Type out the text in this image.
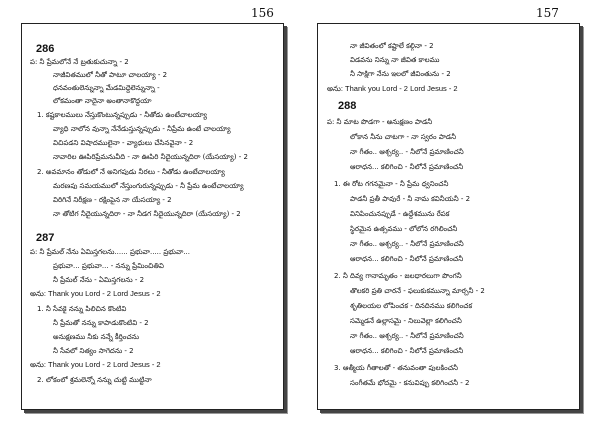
156
286
ప: నీ ప్రేమలోనే నే బ్రతుకుచున్నా - 2
నాజీవితములో నీతో పాటూ చాలయ్యా - 2
ధనవంతులెన్నున్నా మేడమిద్దెలెన్నున్నా -
లోకమంతా నాదైనా అంతానాకొద్దయా
1. కష్టకాలములు నేస్తుకొంటున్నప్పుడు - నీతోడు ఉంటేచాలయ్యా
వ్యాధి నాలోన వున్నా నేనేడుస్తున్నప్పుడు - నీప్రేమ ఉంటే చాలయ్యా
విచిపడని విషాదములైనా - వ్యాధులు చేసినవైనా - 2
నావారిల ఊపిరిప్రేమనువీది - నా ఊపిరి నీదైయున్నదిరా (యేసయ్యా) - 2
2. అవమానం తోడులో నే అనిగపుడు నీరలు - నీతోడు ఉంటేచాలయ్యా
మరణపు సమయములో నేస్తుంగురున్నప్పుడు - నీ ప్రేమ ఉంటేచాలయ్యా
విరిగినే నిరీక్షణ - రక్షింపైన నా యేసయ్యా - 2
నా తోటిగ నీదైయున్నదిరా - నా నీడగ నీదైయున్నదిరా (యేసయ్యా) - 2
287
ప: నీ ప్రేమల్ నేను ఏమిస్తగలను...... ప్రభువా..... ప్రభువా...
ప్రభువా... ప్రభువా... - నన్ను ప్రేమించితివి
నీ ప్రేమల్ నేను - ఏమిస్తగలను - 2
అను: Thank you Lord - 2 Lord Jesus - 2
1. నీ సేవకై నన్ను పిలిచిన కొంటివి
నీ ప్రేమతో నన్ను కాపాడుకొంటివి - 2
అనుక్షణము నీకు నన్నే కీర్తించను
నీ సేవలో నిత్యం సాగెదను - 2
అను: Thank you Lord - 2 Lord Jesus - 2
2. లోకంలో శ్రమలెన్నో నన్ను చుట్టి ముట్టినా
157
నా జీవితంలో కష్టాలే కల్గినా - 2
విడవను నిన్ను నా జీవిత కాలము
నీ సాక్షిగా నేను ఇలలో జీవింతును - 2
అను: Thank you Lord - 2 Lord Jesus - 2
288
ప: నీ మాట పొడగా - అనుక్షణం పాడనీ
లోకాన నీను చాటగా - నా స్వరం పాడనీ
నా గీతం.. ఆశ్చర్య.. - నీలోనే ప్రమాణించనీ
ఆరాధన... కలిగించి - నీలోనే ప్రమాణించనీ
1. ఈ రోట గగనమైనా - నీ ప్రేమ ధ్వనించనీ
పాడనీ ప్రతీ పావురే - నీ నామ కవినీయనీ - 2
వినిపించునప్పుడే - ఉద్దేశమును రేపక
స్థిరమైన ఉత్సవము - లోలోన రగిలించనీ
నా గీతం.. ఆశ్చర్య.. - నీలోనే ప్రమాణించనీ
ఆరాధన... కలిగించి - నీలోనే ప్రమాణించనీ
2. నీ దివ్య గానామృతం - జలధారలుగా పొంగనీ
తొలకరి ప్రతి చారనే - ఫలుకుకమున్నా మార్చనీ - 2
శృతిలయల లోపించక - దినదినము కలిగించక
సమ్మెడనే ఉల్లాసమై - నిలువెల్లా కలిగించనీ
నా గీతం.. ఆశ్చర్య.. - నీలోనే ప్రమాణించనీ
ఆరాధన... కలిగించి - నీలోనే ప్రమాణించనీ
3. ఆత్మీయ గీతాలతో - తనువంతా పులకించనీ
సంగీతమే భోదమై - కనువిప్పు కలిగించనీ - 2
